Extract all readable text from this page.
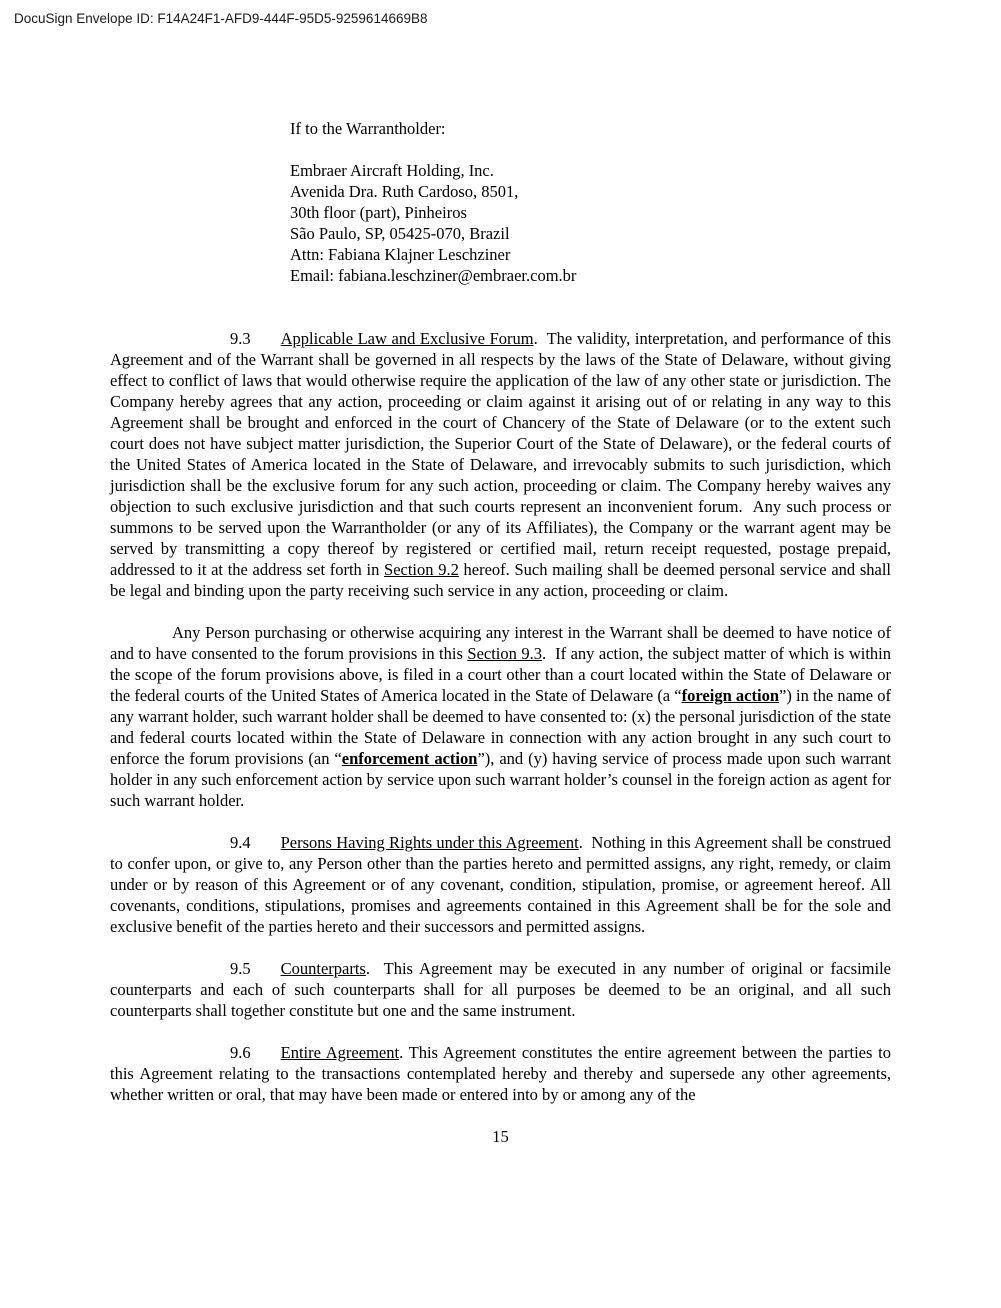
DocuSign Envelope ID: F14A24F1-AFD9-444F-95D5-9259614669B8
If to the Warrantholder:
Embraer Aircraft Holding, Inc.
Avenida Dra. Ruth Cardoso, 8501,
30th floor (part), Pinheiros
São Paulo, SP, 05425-070, Brazil
Attn: Fabiana Klajner Leschziner
Email: fabiana.leschziner@embraer.com.br

9.3 Applicable Law and Exclusive Forum.  The validity, interpretation, and performance of this Agreement and of the Warrant shall be governed in all respects by the laws of the State of Delaware, without giving effect to conflict of laws that would otherwise require the application of the law of any other state or jurisdiction. The Company hereby agrees that any action, proceeding or claim against it arising out of or relating in any way to this Agreement shall be brought and enforced in the court of Chancery of the State of Delaware (or to the extent such court does not have subject matter jurisdiction, the Superior Court of the State of Delaware), or the federal courts of the United States of America located in the State of Delaware, and irrevocably submits to such jurisdiction, which jurisdiction shall be the exclusive forum for any such action, proceeding or claim. The Company hereby waives any objection to such exclusive jurisdiction and that such courts represent an inconvenient forum.  Any such process or summons to be served upon the Warrantholder (or any of its Affiliates), the Company or the warrant agent may be served by transmitting a copy thereof by registered or certified mail, return receipt requested, postage prepaid, addressed to it at the address set forth in Section 9.2 hereof. Such mailing shall be deemed personal service and shall be legal and binding upon the party receiving such service in any action, proceeding or claim.

Any Person purchasing or otherwise acquiring any interest in the Warrant shall be deemed to have notice of and to have consented to the forum provisions in this Section 9.3.  If any action, the subject matter of which is within the scope of the forum provisions above, is filed in a court other than a court located within the State of Delaware or the federal courts of the United States of America located in the State of Delaware (a “foreign action”) in the name of any warrant holder, such warrant holder shall be deemed to have consented to: (x) the personal jurisdiction of the state and federal courts located within the State of Delaware in connection with any action brought in any such court to enforce the forum provisions (an “enforcement action”), and (y) having service of process made upon such warrant holder in any such enforcement action by service upon such warrant holder’s counsel in the foreign action as agent for such warrant holder.

9.4 Persons Having Rights under this Agreement.  Nothing in this Agreement shall be construed to confer upon, or give to, any Person other than the parties hereto and permitted assigns, any right, remedy, or claim under or by reason of this Agreement or of any covenant, condition, stipulation, promise, or agreement hereof. All covenants, conditions, stipulations, promises and agreements contained in this Agreement shall be for the sole and exclusive benefit of the parties hereto and their successors and permitted assigns.

9.5 Counterparts.  This Agreement may be executed in any number of original or facsimile counterparts and each of such counterparts shall for all purposes be deemed to be an original, and all such counterparts shall together constitute but one and the same instrument.

9.6 Entire Agreement. This Agreement constitutes the entire agreement between the parties to this Agreement relating to the transactions contemplated hereby and thereby and supersede any other agreements, whether written or oral, that may have been made or entered into by or among any of the

15
